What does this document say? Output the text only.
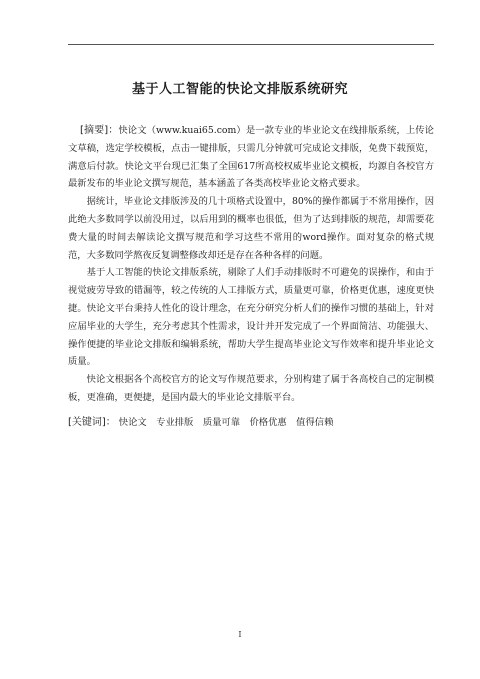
基于人工智能的快论文排版系统研究

[摘要]：快论文（www.kuai65.com）是一款专业的毕业论文在线排版系统，上传论文草稿，选定学校模板，点击一键排版，只需几分钟就可完成论文排版，免费下载预览，满意后付款。快论文平台现已汇集了全国617所高校权威毕业论文模板，均源自各校官方最新发布的毕业论文撰写规范，基本涵盖了各类高校毕业论文格式要求。

据统计，毕业论文排版涉及的几十项格式设置中，80%的操作都属于不常用操作，因此绝大多数同学以前没用过，以后用到的概率也很低，但为了达到排版的规范，却需要花费大量的时间去解读论文撰写规范和学习这些不常用的word操作。面对复杂的格式规范，大多数同学熬夜反复调整修改却还是存在各种各样的问题。

基于人工智能的快论文排版系统，剔除了人们手动排版时不可避免的误操作，和由于视觉疲劳导致的错漏等，较之传统的人工排版方式，质量更可靠，价格更优惠，速度更快捷。快论文平台秉持人性化的设计理念，在充分研究分析人们的操作习惯的基础上，针对应届毕业的大学生，充分考虑其个性需求，设计并开发完成了一个界面简洁、功能强大、操作便捷的毕业论文排版和编辑系统，帮助大学生提高毕业论文写作效率和提升毕业论文质量。

快论文根据各个高校官方的论文写作规范要求，分别构建了属于各高校自己的定制模板，更准确，更便捷，是国内最大的毕业论文排版平台。

[关键词]： 快论文 专业排版 质量可靠 价格优惠 值得信赖
I
